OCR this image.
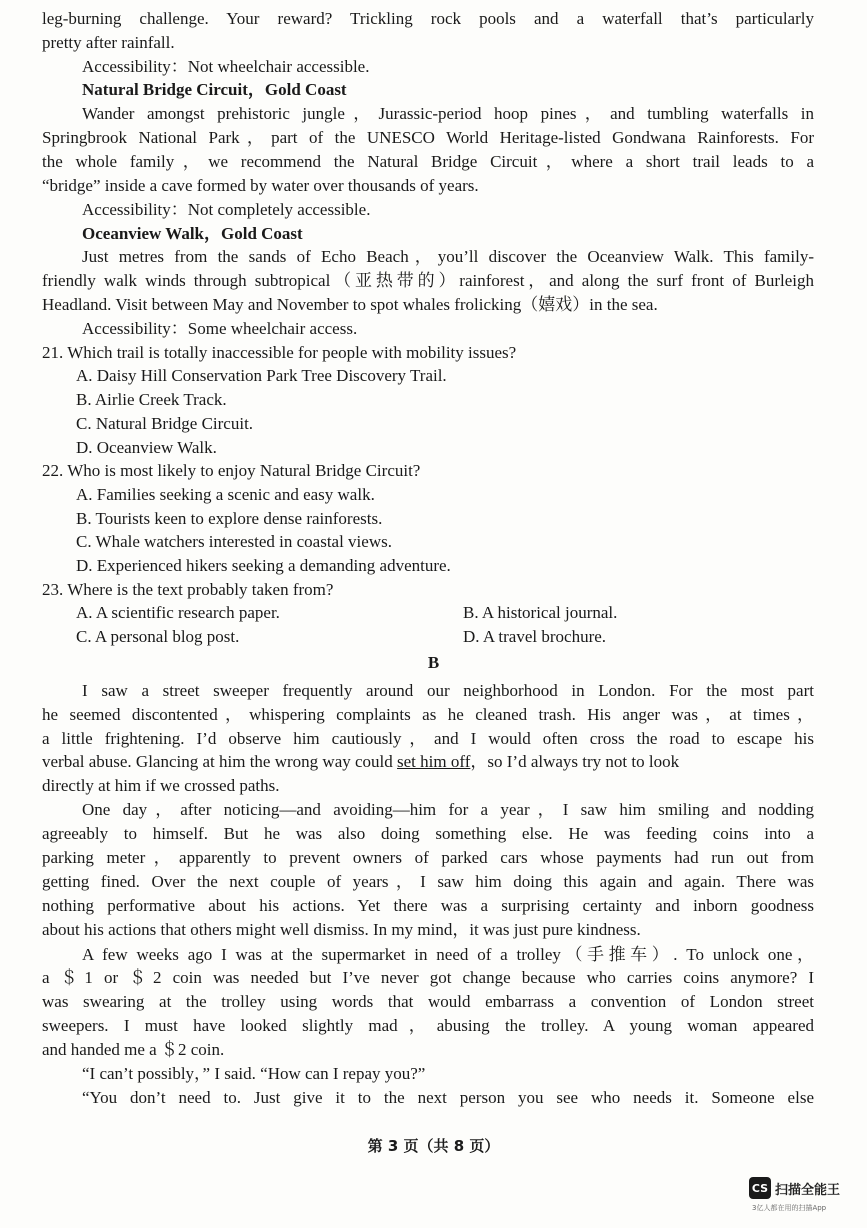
leg-burning challenge. Your reward? Trickling rock pools and a waterfall that’s particularly
pretty after rainfall.
Accessibility：Not wheelchair accessible.
Natural Bridge Circuit，Gold Coast
Wander amongst prehistoric jungle，Jurassic-period hoop pines，and tumbling waterfalls in
Springbrook National Park，part of the UNESCO World Heritage-listed Gondwana Rainforests. For
the whole family，we recommend the Natural Bridge Circuit，where a short trail leads to a
“bridge” inside a cave formed by water over thousands of years.
Accessibility：Not completely accessible.
Oceanview Walk，Gold Coast
Just metres from the sands of Echo Beach，you’ll discover the Oceanview Walk. This family-
friendly walk winds through subtropical（亚热带的）rainforest，and along the surf front of Burleigh
Headland. Visit between May and November to spot whales frolicking（嬉戏）in the sea.
Accessibility：Some wheelchair access.
21. Which trail is totally inaccessible for people with mobility issues?
A. Daisy Hill Conservation Park Tree Discovery Trail.
B. Airlie Creek Track.
C. Natural Bridge Circuit.
D. Oceanview Walk.
22. Who is most likely to enjoy Natural Bridge Circuit?
A. Families seeking a scenic and easy walk.
B. Tourists keen to explore dense rainforests.
C. Whale watchers interested in coastal views.
D. Experienced hikers seeking a demanding adventure.
23. Where is the text probably taken from?
A. A scientific research paper.	B. A historical journal.
C. A personal blog post.	D. A travel brochure.
B
I saw a street sweeper frequently around our neighborhood in London. For the most part
he seemed discontented，whispering complaints as he cleaned trash. His anger was，at times，
a little frightening. I’d observe him cautiously，and I would often cross the road to escape his
verbal abuse. Glancing at him the wrong way could set him off，so I’d always try not to look
directly at him if we crossed paths.
One day，after noticing—and avoiding—him for a year，I saw him smiling and nodding
agreeably to himself. But he was also doing something else. He was feeding coins into a
parking meter，apparently to prevent owners of parked cars whose payments had run out from
getting fined. Over the next couple of years，I saw him doing this again and again. There was
nothing performative about his actions. Yet there was a surprising certainty and inborn goodness
about his actions that others might well dismiss. In my mind，it was just pure kindness.
A few weeks ago I was at the supermarket in need of a trolley（手推车）. To unlock one，
a ＄1 or ＄2 coin was needed but I’ve never got change because who carries coins anymore? I
was swearing at the trolley using words that would embarrass a convention of London street
sweepers. I must have looked slightly mad，abusing the trolley. A young woman appeared
and handed me a ＄2 coin.
“I can’t possibly，” I said. “How can I repay you?”
“You don’t need to. Just give it to the next person you see who needs it. Someone else
第 3 页（共 8 页）
CS 扫描全能王
3亿人都在用的扫描App
